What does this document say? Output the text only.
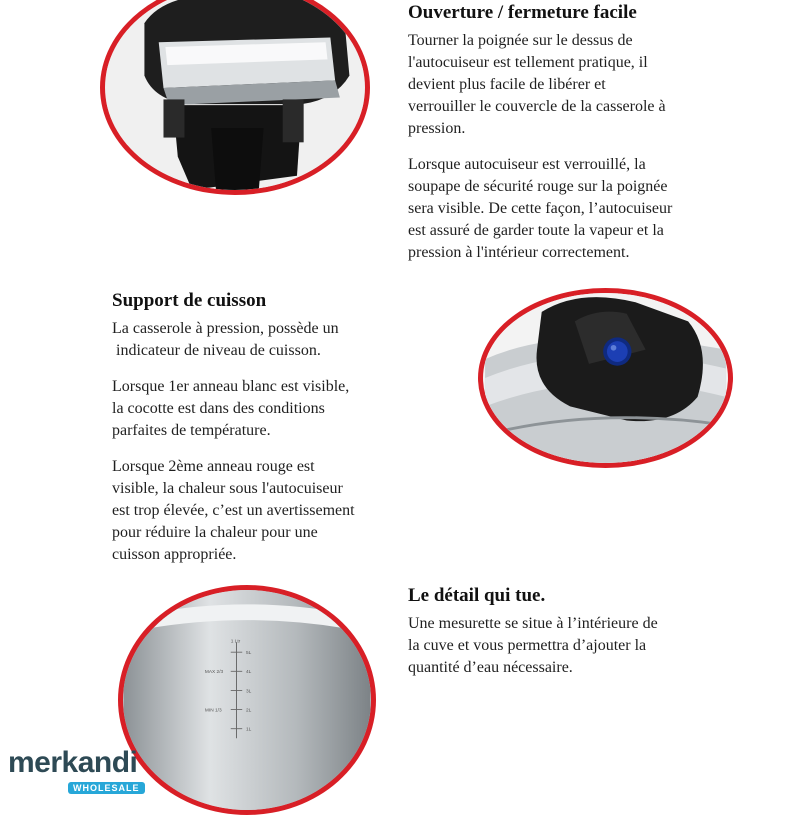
Ouverture / fermeture facile

Tourner la poignée sur le dessus de
l'autocuiseur est tellement pratique, il
devient plus facile de libérer et
verrouiller le couvercle de la casserole à
pression.

Lorsque autocuiseur est verrouillé, la
soupape de sécurité rouge sur la poignée
sera visible. De cette façon, l’autocuiseur
est assuré de garder toute la vapeur et la
pression à l'intérieur correctement.

Support de cuisson

La casserole à pression, possède un
indicateur de niveau de cuisson.

Lorsque 1er anneau blanc est visible,
la cocotte est dans des conditions
parfaites de température.

Lorsque 2ème anneau rouge est
visible, la chaleur sous l'autocuiseur
est trop élevée, c’est un avertissement
pour réduire la chaleur pour une
cuisson appropriée.

1 Ltr
5L
4L
3L
2L
1L
MAX 2/3
MIN 1/3
Le détail qui tue.

Une mesurette se situe à l’intérieure de
la cuve et vous permettra d’ajouter la
quantité d’eau nécessaire.

merkandi
WHOLESALE
